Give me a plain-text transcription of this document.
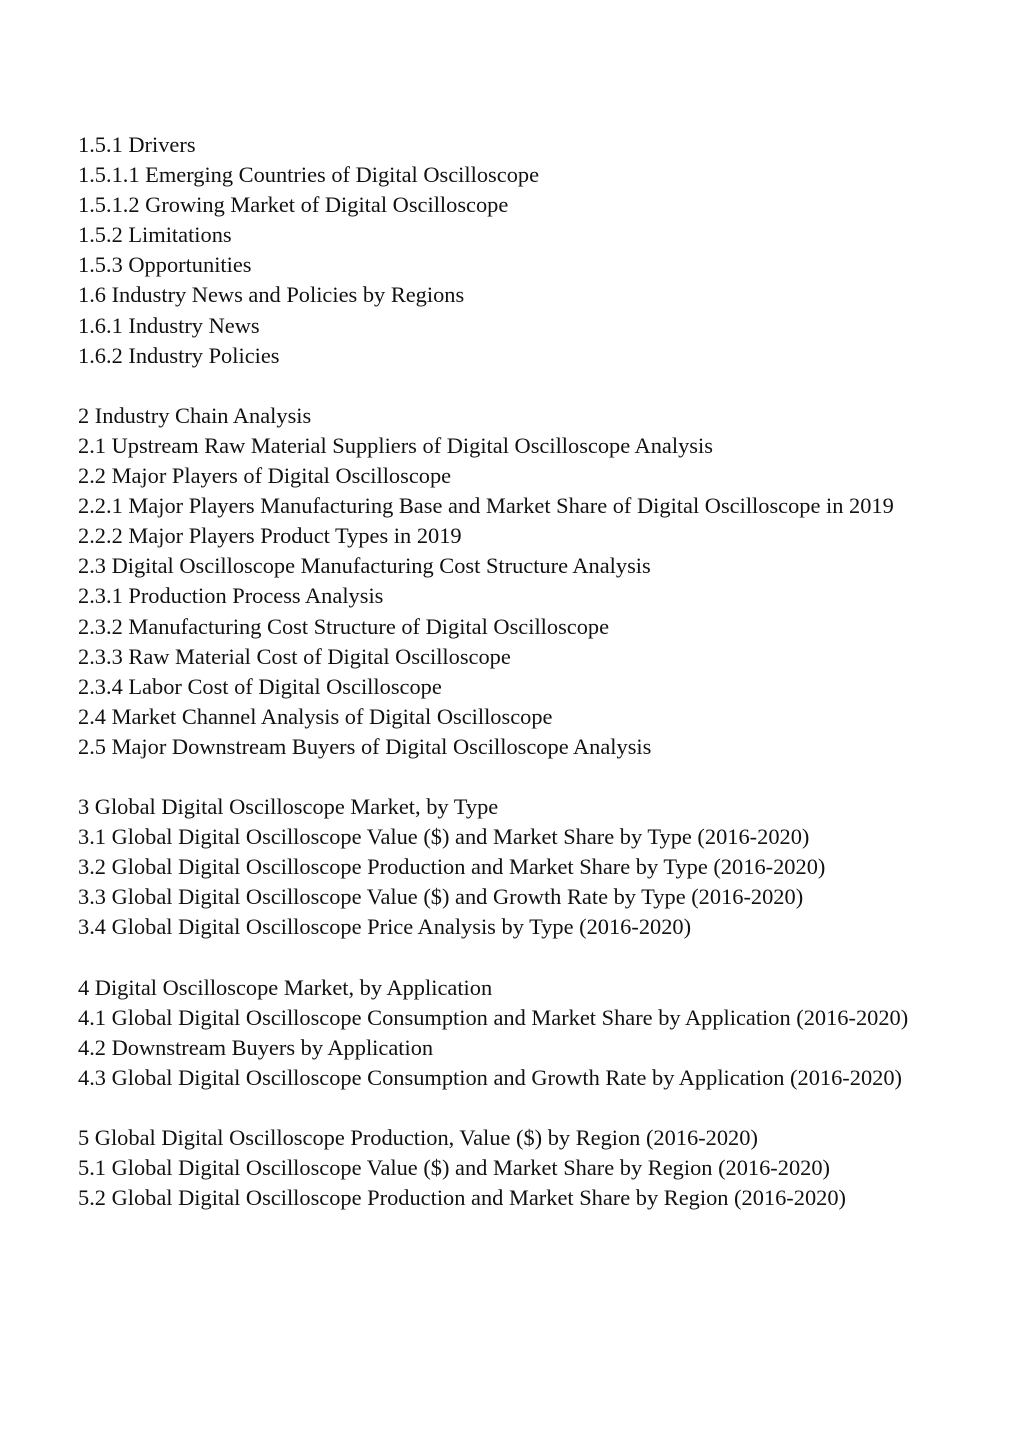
1.5.1 Drivers
1.5.1.1 Emerging Countries of Digital Oscilloscope
1.5.1.2 Growing Market of Digital Oscilloscope
1.5.2 Limitations
1.5.3 Opportunities
1.6 Industry News and Policies by Regions
1.6.1 Industry News
1.6.2 Industry Policies
2 Industry Chain Analysis
2.1 Upstream Raw Material Suppliers of Digital Oscilloscope Analysis
2.2 Major Players of Digital Oscilloscope
2.2.1 Major Players Manufacturing Base and Market Share of Digital Oscilloscope in 2019
2.2.2 Major Players Product Types in 2019
2.3 Digital Oscilloscope Manufacturing Cost Structure Analysis
2.3.1 Production Process Analysis
2.3.2 Manufacturing Cost Structure of Digital Oscilloscope
2.3.3 Raw Material Cost of Digital Oscilloscope
2.3.4 Labor Cost of Digital Oscilloscope
2.4 Market Channel Analysis of Digital Oscilloscope
2.5 Major Downstream Buyers of Digital Oscilloscope Analysis
3 Global Digital Oscilloscope Market, by Type
3.1 Global Digital Oscilloscope Value ($) and Market Share by Type (2016-2020)
3.2 Global Digital Oscilloscope Production and Market Share by Type (2016-2020)
3.3 Global Digital Oscilloscope Value ($) and Growth Rate by Type (2016-2020)
3.4 Global Digital Oscilloscope Price Analysis by Type (2016-2020)
4 Digital Oscilloscope Market, by Application
4.1 Global Digital Oscilloscope Consumption and Market Share by Application (2016-2020)
4.2 Downstream Buyers by Application
4.3 Global Digital Oscilloscope Consumption and Growth Rate by Application (2016-2020)
5 Global Digital Oscilloscope Production, Value ($) by Region (2016-2020)
5.1 Global Digital Oscilloscope Value ($) and Market Share by Region (2016-2020)
5.2 Global Digital Oscilloscope Production and Market Share by Region (2016-2020)
